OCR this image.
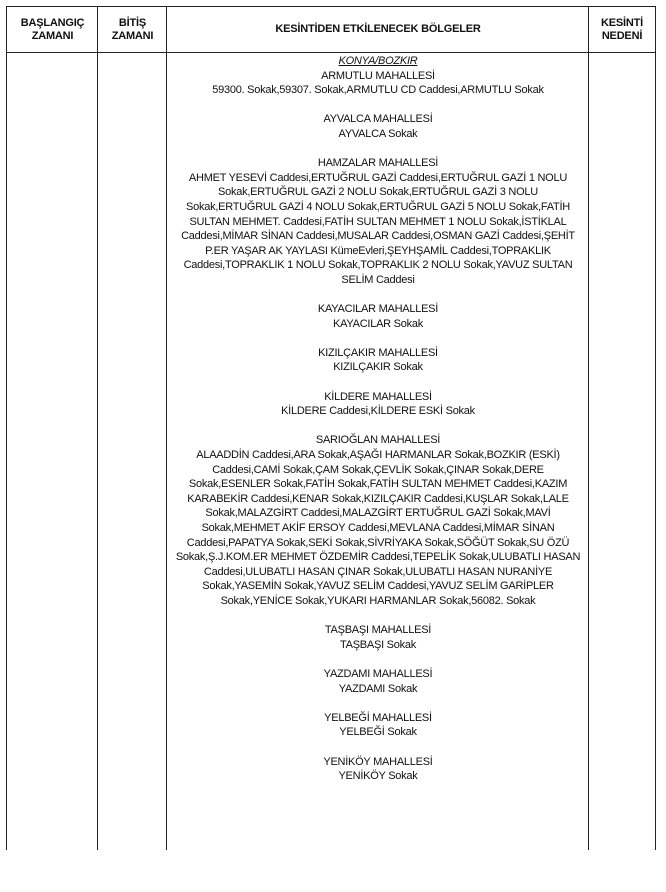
BAŞLANGIÇ
ZAMANI
BİTİŞ
ZAMANI
KESİNTİDEN ETKİLENECEK BÖLGELER
KESİNTİ
NEDENİ
KONYA/BOZKIR
ARMUTLU MAHALLESİ
59300. Sokak,59307. Sokak,ARMUTLU CD Caddesi,ARMUTLU Sokak
AYVALCA MAHALLESİ
AYVALCA Sokak
HAMZALAR MAHALLESİ
AHMET YESEVİ Caddesi,ERTUĞRUL GAZİ Caddesi,ERTUĞRUL GAZİ 1 NOLU Sokak,ERTUĞRUL GAZİ 2 NOLU Sokak,ERTUĞRUL GAZİ 3 NOLU Sokak,ERTUĞRUL GAZİ 4 NOLU Sokak,ERTUĞRUL GAZİ 5 NOLU Sokak,FATİH SULTAN MEHMET. Caddesi,FATİH SULTAN MEHMET 1 NOLU Sokak,İSTİKLAL Caddesi,MİMAR SİNAN Caddesi,MUSALAR Caddesi,OSMAN GAZİ Caddesi,ŞEHİT P.ER YAŞAR AK YAYLASI KümeEvleri,ŞEYHŞAMİL Caddesi,TOPRAKLIK Caddesi,TOPRAKLIK 1 NOLU Sokak,TOPRAKLIK 2 NOLU Sokak,YAVUZ SULTAN SELİM Caddesi
KAYACILAR MAHALLESİ
KAYACILAR Sokak
KIZILÇAKIR MAHALLESİ
KIZILÇAKIR Sokak
KİLDERE MAHALLESİ
KİLDERE Caddesi,KİLDERE ESKİ Sokak
SARIOĞLAN MAHALLESİ
ALAADDİN Caddesi,ARA Sokak,AŞAĞI HARMANLAR Sokak,BOZKIR (ESKİ) Caddesi,CAMİ Sokak,ÇAM Sokak,ÇEVLİK Sokak,ÇINAR Sokak,DERE Sokak,ESENLER Sokak,FATİH Sokak,FATİH SULTAN MEHMET Caddesi,KAZIM KARABEKİR Caddesi,KENAR Sokak,KIZILÇAKIR Caddesi,KUŞLAR Sokak,LALE Sokak,MALAZGİRT Caddesi,MALAZGİRT ERTUĞRUL GAZİ Sokak,MAVİ Sokak,MEHMET AKİF ERSOY Caddesi,MEVLANA Caddesi,MİMAR SİNAN Caddesi,PAPATYA Sokak,SEKİ Sokak,SİVRİYAKA Sokak,SÖĞÜT Sokak,SU ÖZÜ Sokak,Ş.J.KOM.ER MEHMET ÖZDEMİR Caddesi,TEPELİK Sokak,ULUBATLI HASAN Caddesi,ULUBATLI HASAN ÇINAR Sokak,ULUBATLI HASAN NURANİYE Sokak,YASEMİN Sokak,YAVUZ SELİM Caddesi,YAVUZ SELİM GARİPLER Sokak,YENİCE Sokak,YUKARI HARMANLAR Sokak,56082. Sokak
TAŞBAŞI MAHALLESİ
TAŞBAŞI Sokak
YAZDAMI MAHALLESİ
YAZDAMI Sokak
YELBEĞİ MAHALLESİ
YELBEĞİ Sokak
YENİKÖY MAHALLESİ
YENİKÖY Sokak
